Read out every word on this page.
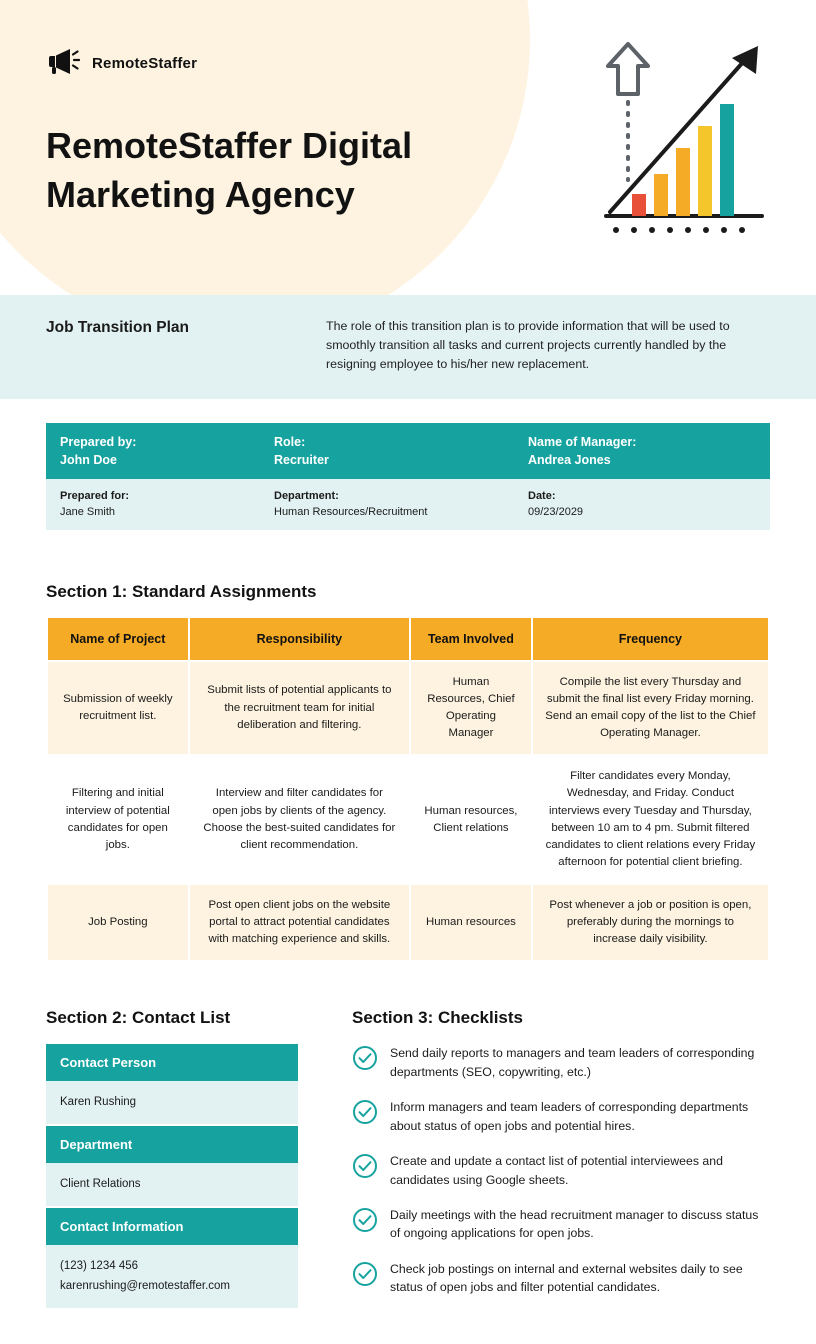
RemoteStaffer
RemoteStaffer Digital Marketing Agency
Job Transition Plan	The role of this transition plan is to provide information that will be used to smoothly transition all tasks and current projects currently handled by the resigning employee to his/her new replacement.

Prepared by:
John Doe
Role:
Recruiter
Name of Manager:
Andrea Jones
Prepared for:
Jane Smith
Department:
Human Resources/Recruitment
Date:
09/23/2029
Section 1: Standard Assignments
Name of Project	Responsibility	Team Involved	Frequency
Submission of weekly recruitment list.	Submit lists of potential applicants to the recruitment team for initial deliberation and filtering.	Human Resources, Chief Operating Manager	Compile the list every Thursday and submit the final list every Friday morning. Send an email copy of the list to the Chief Operating Manager.
Filtering and initial interview of potential candidates for open jobs.	Interview and filter candidates for open jobs by clients of the agency. Choose the best-suited candidates for client recommendation.	Human resources, Client relations	Filter candidates every Monday, Wednesday, and Friday. Conduct interviews every Tuesday and Thursday, between 10 am to 4 pm. Submit filtered candidates to client relations every Friday afternoon for potential client briefing.
Job Posting	Post open client jobs on the website portal to attract potential candidates with matching experience and skills.	Human resources	Post whenever a job or position is open, preferably during the mornings to increase daily visibility.
Section 2: Contact List
Contact Person
Karen Rushing
Department
Client Relations
Contact Information
(123) 1234 456
karenrushing@remotestaffer.com
Section 3: Checklists
Send daily reports to managers and team leaders of corresponding departments (SEO, copywriting, etc.)
Inform managers and team leaders of corresponding departments about status of open jobs and potential hires.
Create and update a contact list of potential interviewees and candidates using Google sheets.
Daily meetings with the head recruitment manager to discuss status of ongoing applications for open jobs.
Check job postings on internal and external websites daily to see status of open jobs and filter potential candidates.
